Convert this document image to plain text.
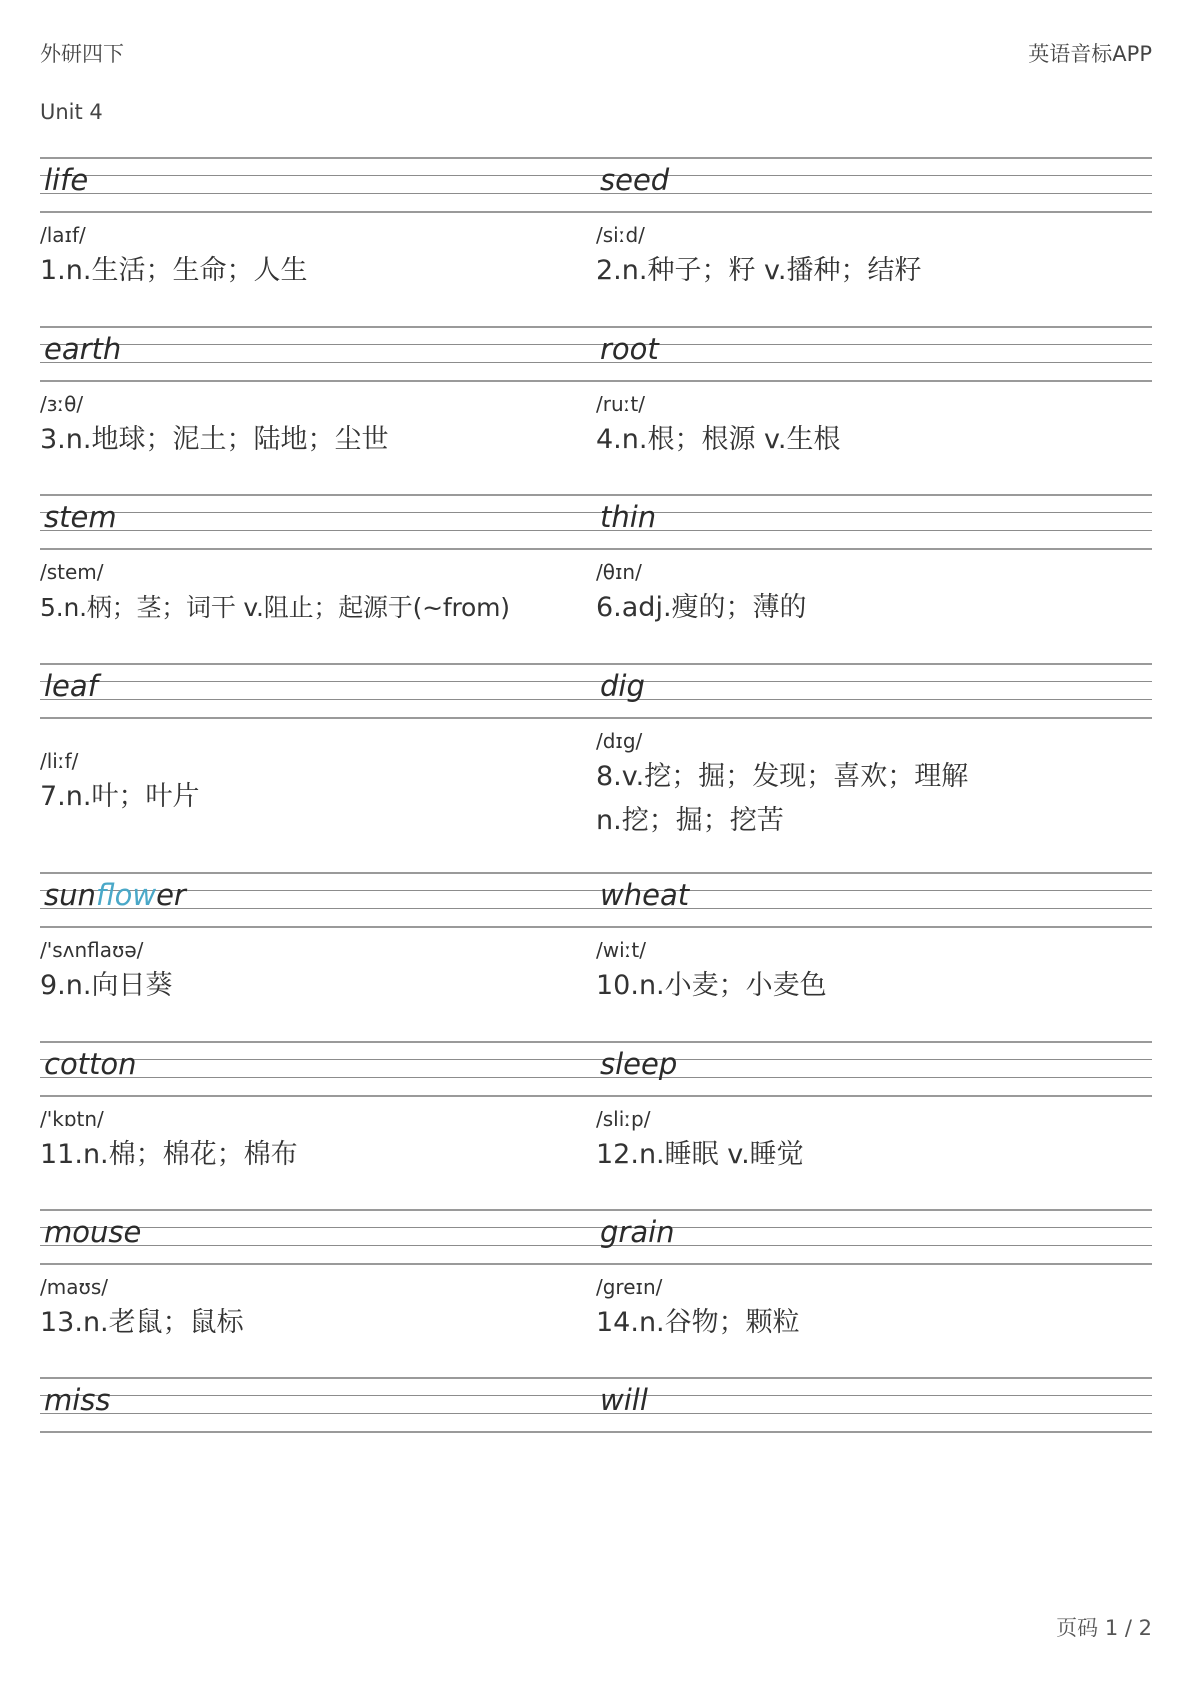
外研四下	英语音标APP
Unit 4
life	seed
/laɪf/
1.n.生活；生命；人生
/siːd/
2.n.种子；籽 v.播种；结籽
earth	root
/ɜːθ/
3.n.地球；泥土；陆地；尘世
/ruːt/
4.n.根；根源 v.生根
stem	thin
/stem/
5.n.柄；茎；词干 v.阻止；起源于(~from)
/θɪn/
6.adj.瘦的；薄的
leaf	dig
/liːf/
7.n.叶；叶片
/dɪg/
8.v.挖；掘；发现；喜欢；理解
n.挖；掘；挖苦
sunflower	wheat
/'sʌnflaʊə/
9.n.向日葵
/wiːt/
10.n.小麦；小麦色
cotton	sleep
/'kɒtn/
11.n.棉；棉花；棉布
/sliːp/
12.n.睡眠 v.睡觉
mouse	grain
/maʊs/
13.n.老鼠；鼠标
/greɪn/
14.n.谷物；颗粒
miss	will
页码 1 / 2
